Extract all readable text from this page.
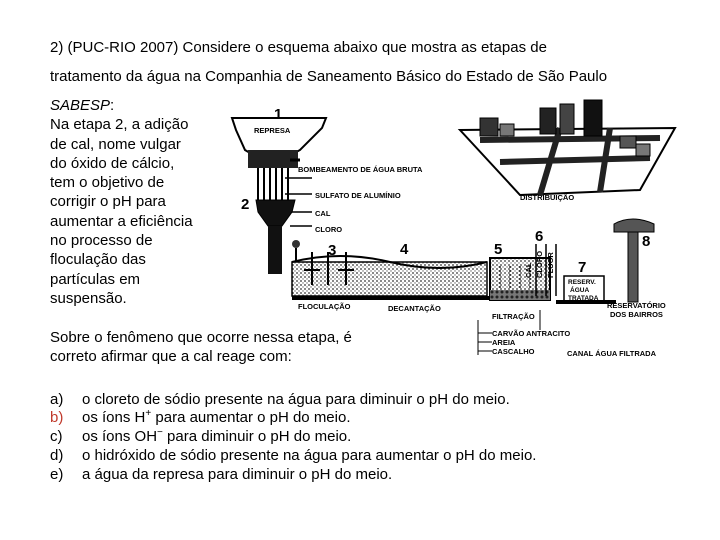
2) (PUC-RIO 2007) Considere o esquema abaixo que mostra as etapas de
tratamento da água na Companhia de Saneamento Básico do Estado de São Paulo
SABESP:
Na etapa 2, a adição
de cal, nome vulgar
do óxido de cálcio,
tem o objetivo de
corrigir o pH para
aumentar a eficiência
no processo de
floculação das
partículas em
suspensão.
Sobre o fenômeno que ocorre nessa etapa, é
correto afirmar que a cal reage com:
a) o cloreto de sódio presente na água para diminuir o pH do meio.
b) os íons H+ para aumentar o pH do meio.
c) os íons OH− para diminuir o pH do meio.
d) o hidróxido de sódio presente na água para aumentar o pH do meio.
e) a água da represa para diminuir o pH do meio.
1
2
3	4	5
6
7
8
REPRESA
BOMBEAMENTO DE ÁGUA BRUTA
SULFATO DE ALUMÍNIO
CAL
CLORO
DISTRIBUIÇÃO
CAL CLORO FLÚOR
RESERV.
ÁGUA
TRATADA
FLOCULAÇÃO	DECANTAÇÃO
FILTRAÇÃO
RESERVATÓRIO
DOS BAIRROS
CARVÃO ANTRACITO
AREIA
CASCALHO	CANAL ÁGUA FILTRADA
